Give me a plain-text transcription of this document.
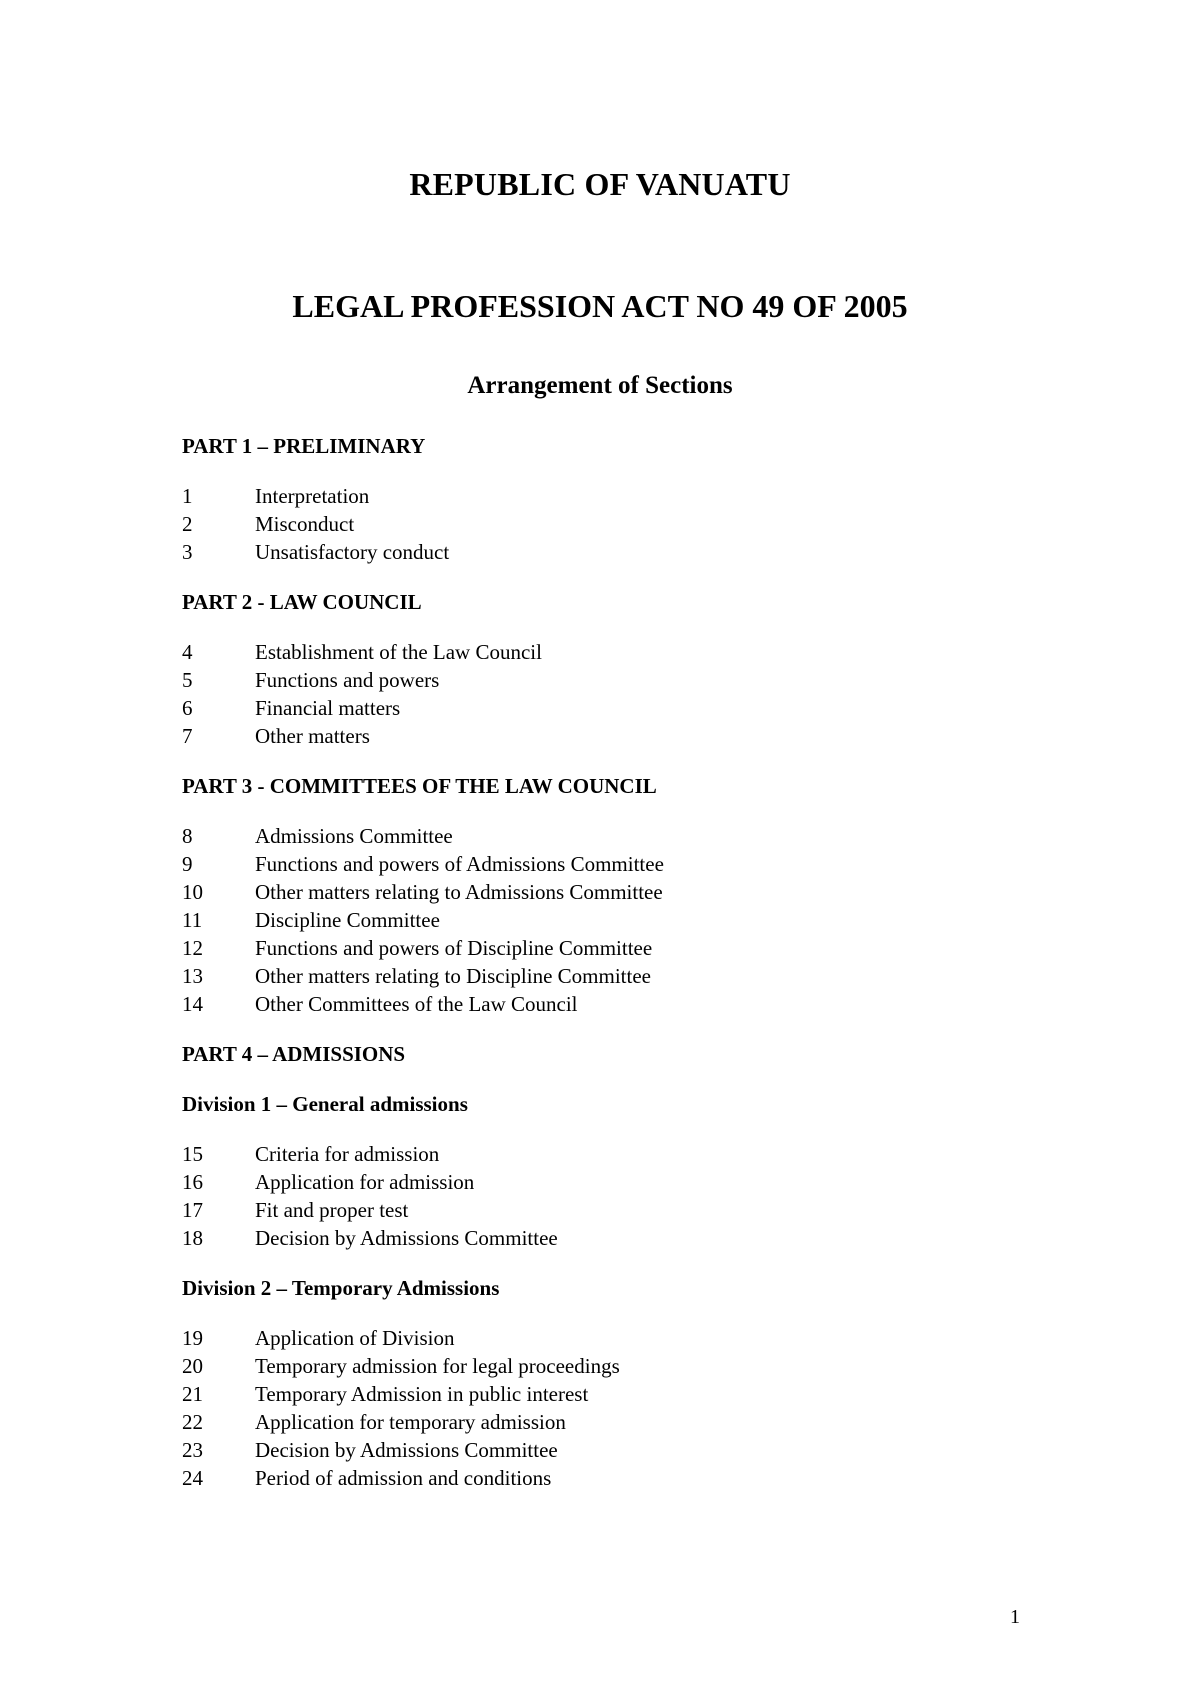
REPUBLIC OF VANUATU
LEGAL PROFESSION ACT NO 49 OF 2005
Arrangement of Sections
PART 1 – PRELIMINARY
1	Interpretation
2	Misconduct
3	Unsatisfactory conduct
PART 2 - LAW COUNCIL
4	Establishment of the Law Council
5	Functions and powers
6	Financial matters
7	Other matters
PART 3 - COMMITTEES OF THE LAW COUNCIL
8	Admissions Committee
9	Functions and powers of Admissions Committee
10	Other matters relating to Admissions Committee
11	Discipline Committee
12	Functions and powers of Discipline Committee
13	Other matters relating to Discipline Committee
14	Other Committees of the Law Council
PART 4 – ADMISSIONS
Division 1 – General admissions
15	Criteria for admission
16	Application for admission
17	Fit and proper test
18	Decision by Admissions Committee
Division 2 – Temporary Admissions
19	Application of Division
20	Temporary admission for legal proceedings
21	Temporary Admission in public interest
22	Application for temporary admission
23	Decision by Admissions Committee
24	Period of admission and conditions
1
